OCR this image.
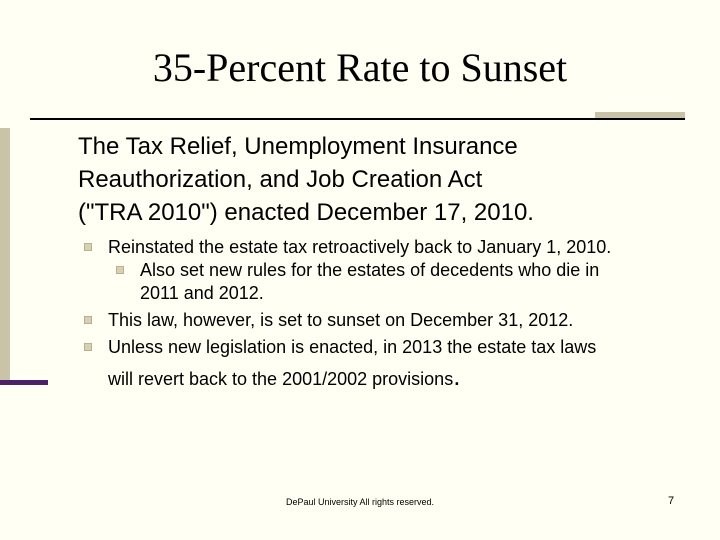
35-Percent Rate to Sunset
The Tax Relief, Unemployment Insurance
Reauthorization, and Job Creation Act
("TRA 2010") enacted December 17, 2010.
Reinstated the estate tax retroactively back to January 1, 2010.
Also set new rules for the estates of decedents who die in
2011 and 2012.
This law, however, is set to sunset on December 31, 2012.
Unless new legislation is enacted, in 2013 the estate tax laws
will revert back to the 2001/2002 provisions.
DePaul University All rights reserved.	7
